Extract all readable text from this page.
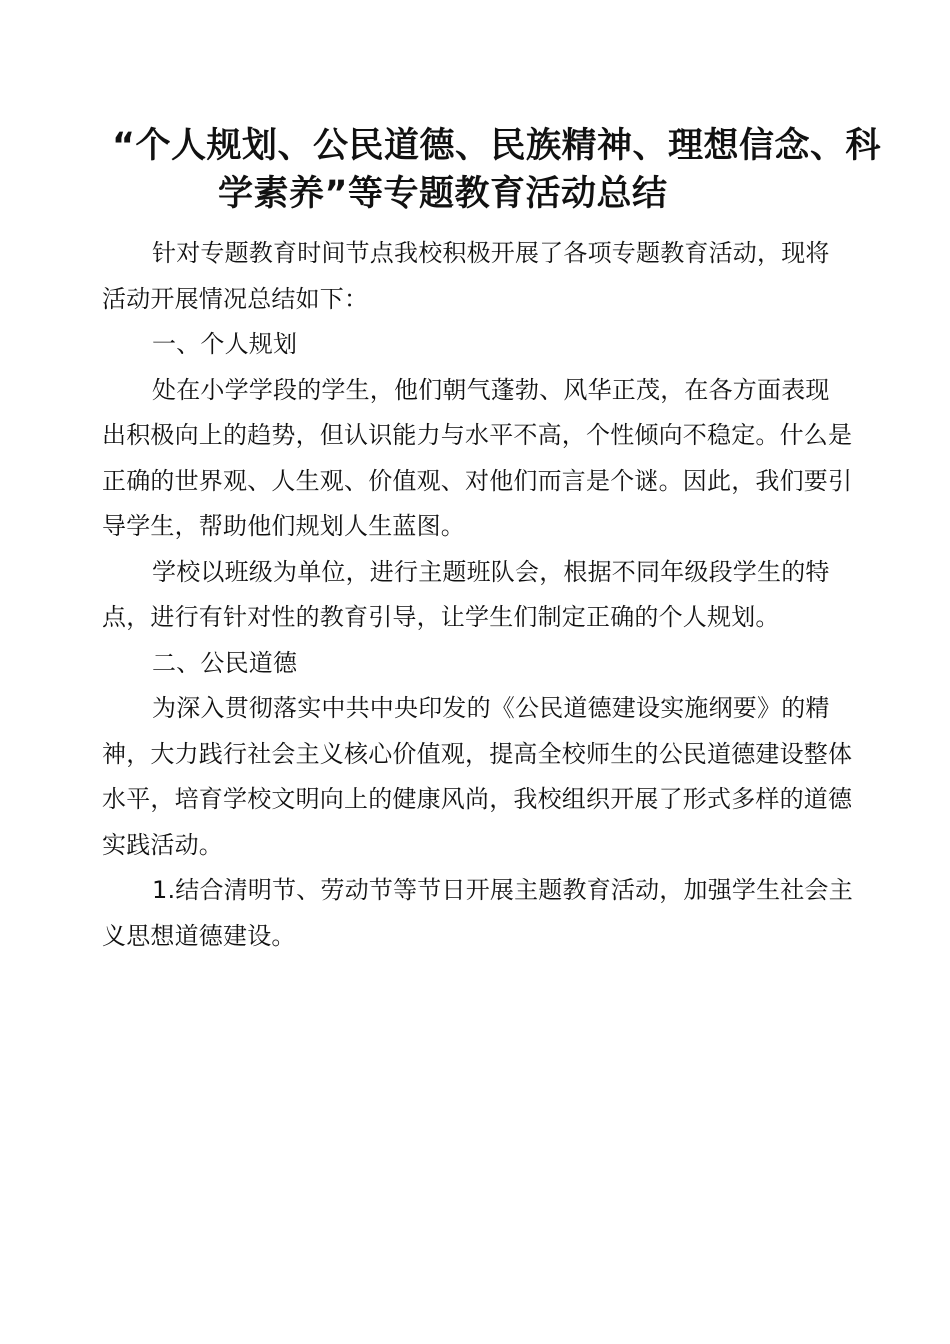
“个人规划、公民道德、民族精神、理想信念、科
学素养”等专题教育活动总结

针对专题教育时间节点我校积极开展了各项专题教育活动，现将
活动开展情况总结如下：

一、个人规划

处在小学学段的学生，他们朝气蓬勃、风华正茂，在各方面表现
出积极向上的趋势，但认识能力与水平不高，个性倾向不稳定。什么是
正确的世界观、人生观、价值观、对他们而言是个谜。因此，我们要引
导学生，帮助他们规划人生蓝图。

学校以班级为单位，进行主题班队会，根据不同年级段学生的特
点，进行有针对性的教育引导，让学生们制定正确的个人规划。

二、公民道德

为深入贯彻落实中共中央印发的《公民道德建设实施纲要》的精
神，大力践行社会主义核心价值观，提高全校师生的公民道德建设整体
水平，培育学校文明向上的健康风尚，我校组织开展了形式多样的道德
实践活动。

1.结合清明节、劳动节等节日开展主题教育活动，加强学生社会主
义思想道德建设。
